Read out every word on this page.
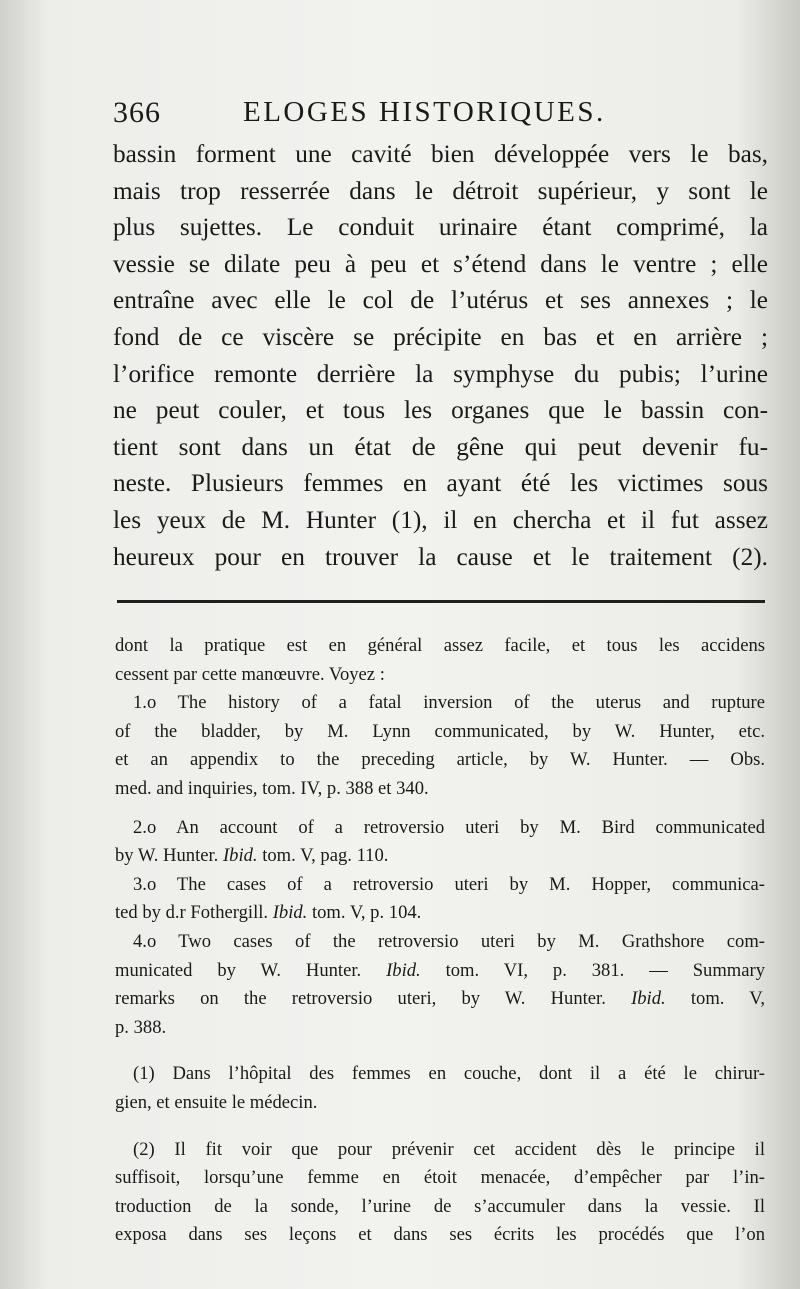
366	ELOGES HISTORIQUES.
bassin forment une cavité bien développée vers le bas,
mais trop resserrée dans le détroit supérieur, y sont le
plus sujettes. Le conduit urinaire étant comprimé, la
vessie se dilate peu à peu et s’étend dans le ventre ; elle
entraîne avec elle le col de l’utérus et ses annexes ; le
fond de ce viscère se précipite en bas et en arrière ;
l’orifice remonte derrière la symphyse du pubis; l’urine
ne peut couler, et tous les organes que le bassin con-
tient sont dans un état de gêne qui peut devenir fu-
neste. Plusieurs femmes en ayant été les victimes sous
les yeux de M. Hunter (1), il en chercha et il fut assez
heureux pour en trouver la cause et le traitement (2).
dont la pratique est en général assez facile, et tous les accidens
cessent par cette manœuvre. Voyez :
1.o The history of a fatal inversion of the uterus and rupture
of the bladder, by M. Lynn communicated, by W. Hunter, etc.
et an appendix to the preceding article, by W. Hunter. — Obs.
med. and inquiries, tom. IV, p. 388 et 340.
2.o An account of a retroversio uteri by M. Bird communicated
by W. Hunter. Ibid. tom. V, pag. 110.
3.o The cases of a retroversio uteri by M. Hopper, communica-
ted by d.r Fothergill. Ibid. tom. V, p. 104.
4.o Two cases of the retroversio uteri by M. Grathshore com-
municated by W. Hunter. Ibid. tom. VI, p. 381. — Summary
remarks on the retroversio uteri, by W. Hunter. Ibid. tom. V,
p. 388.
(1) Dans l’hôpital des femmes en couche, dont il a été le chirur-
gien, et ensuite le médecin.
(2) Il fit voir que pour prévenir cet accident dès le principe il
suffisoit, lorsqu’une femme en étoit menacée, d’empêcher par l’in-
troduction de la sonde, l’urine de s’accumuler dans la vessie. Il
exposa dans ses leçons et dans ses écrits les procédés que l’on
